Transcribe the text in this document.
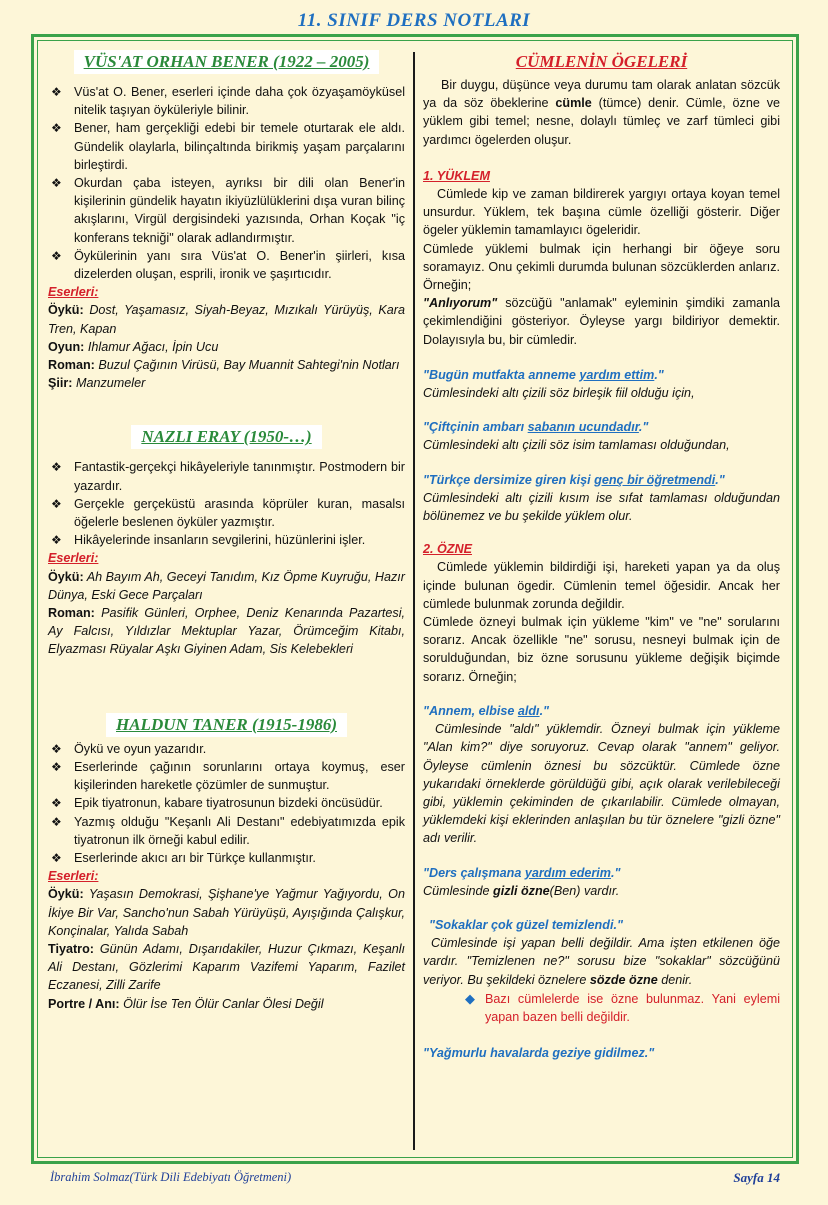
11. SINIF DERS NOTLARI
VÜS'AT ORHAN BENER (1922 – 2005)
❖ Vüs'at O. Bener, eserleri içinde daha çok özyaşamöyküsel nitelik taşıyan öyküleriyle bilinir.
❖ Bener, ham gerçekliği edebi bir temele oturtarak ele aldı. Gündelik olaylarla, bilinçaltında birikmiş yaşam parçalarını birleştirdi.
❖ Okurdan çaba isteyen, ayrıksı bir dili olan Bener'in kişilerinin gündelik hayatın ikiyüzlülüklerini dışa vuran bilinç akışlarını, Virgül dergisindeki yazısında, Orhan Koçak "iç konferans tekniği" olarak adlandırmıştır.
❖ Öykülerinin yanı sıra Vüs'at O. Bener'in şiirleri, kısa dizelerden oluşan, esprili, ironik ve şaşırtıcıdır.
Eserleri:
Öykü: Dost, Yaşamasız, Siyah-Beyaz, Mızıkalı Yürüyüş, Kara Tren, Kapan
Oyun: Ihlamur Ağacı, İpin Ucu
Roman: Buzul Çağının Virüsü, Bay Muannit Sahtegi'nin Notları
Şiir: Manzumeler
NAZLI ERAY (1950-…)
❖ Fantastik-gerçekçi hikâyeleriyle tanınmıştır. Postmodern bir yazardır.
❖ Gerçekle gerçeküstü arasında köprüler kuran, masalsı öğelerle beslenen öyküler yazmıştır.
❖ Hikâyelerinde insanların sevgilerini, hüzünlerini işler.
Eserleri:
Öykü: Ah Bayım Ah, Geceyi Tanıdım, Kız Öpme Kuyruğu, Hazır Dünya, Eski Gece Parçaları
Roman: Pasifik Günleri, Orphee, Deniz Kenarında Pazartesi, Ay Falcısı, Yıldızlar Mektuplar Yazar, Örümceğim Kitabı, Elyazması Rüyalar Aşkı Giyinen Adam, Sis Kelebekleri
HALDUN TANER (1915-1986)
❖ Öykü ve oyun yazarıdır.
❖ Eserlerinde çağının sorunlarını ortaya koymuş, eser kişilerinden hareketle çözümler de sunmuştur.
❖ Epik tiyatronun, kabare tiyatrosunun bizdeki öncüsüdür.
❖ Yazmış olduğu "Keşanlı Ali Destanı" edebiyatımızda epik tiyatronun ilk örneği kabul edilir.
❖ Eserlerinde akıcı arı bir Türkçe kullanmıştır.
Eserleri:
Öykü: Yaşasın Demokrasi, Şişhane'ye Yağmur Yağıyordu, On İkiye Bir Var, Sancho'nun Sabah Yürüyüşü, Ayışığında Çalışkur, Konçinalar, Yalıda Sabah
Tiyatro: Günün Adamı, Dışarıdakiler, Huzur Çıkmazı, Keşanlı Ali Destanı, Gözlerimi Kaparım Vazifemi Yaparım, Fazilet Eczanesi, Zilli Zarife
Portre / Anı: Ölür İse Ten Ölür Canlar Ölesi Değil
CÜMLENİN ÖGELERİ

Bir duygu, düşünce veya durumu tam olarak anlatan sözcük ya da söz öbeklerine cümle (tümce) denir. Cümle, özne ve yüklem gibi temel; nesne, dolaylı tümleç ve zarf tümleci gibi yardımcı ögelerden oluşur.

1. YÜKLEM

Cümlede kip ve zaman bildirerek yargıyı ortaya koyan temel unsurdur. Yüklem, tek başına cümle özelliği gösterir. Diğer ögeler yüklemin tamamlayıcı ögeleridir.

Cümlede yüklemi bulmak için herhangi bir öğeye soru soramayız. Onu çekimli durumda bulunan sözcüklerden anlarız. Örneğin;

"Anlıyorum" sözcüğü "anlamak" eyleminin şimdiki zamanla çekimlendiğini gösteriyor. Öyleyse yargı bildiriyor demektir. Dolayısıyla bu, bir cümledir.

"Bugün mutfakta anneme yardım ettim."

Cümlesindeki altı çizili söz birleşik fiil olduğu için,

"Çiftçinin ambarı sabanın ucundadır."

Cümlesindeki altı çizili söz isim tamlaması olduğundan,

"Türkçe dersimize giren kişi genç bir öğretmendi."

Cümlesindeki altı çizili kısım ise sıfat tamlaması olduğundan bölünemez ve bu şekilde yüklem olur.

2. ÖZNE

Cümlede yüklemin bildirdiği işi, hareketi yapan ya da oluş içinde bulunan ögedir. Cümlenin temel öğesidir. Ancak her cümlede bulunmak zorunda değildir.

Cümlede özneyi bulmak için yükleme "kim" ve "ne" sorularını sorarız. Ancak özellikle "ne" sorusu, nesneyi bulmak için de sorulduğundan, biz özne sorusunu yükleme değişik biçimde sorarız. Örneğin;

"Annem, elbise aldı."

Cümlesinde "aldı" yüklemdir. Özneyi bulmak için yükleme "Alan kim?" diye soruyoruz. Cevap olarak "annem" geliyor. Öyleyse cümlenin öznesi bu sözcüktür. Cümlede özne yukarıdaki örneklerde görüldüğü gibi, açık olarak verilebileceği gibi, yüklemin çekiminden de çıkarılabilir. Cümlede olmayan, yüklemdeki kişi eklerinden anlaşılan bu tür öznelere "gizli özne" adı verilir.

"Ders çalışmana yardım ederim."

Cümlesinde gizli özne(Ben) vardır.

"Sokaklar çok güzel temizlendi."

Cümlesinde işi yapan belli değildir. Ama işten etkilenen öğe vardır. "Temizlenen ne?" sorusu bize "sokaklar" sözcüğünü veriyor. Bu şekildeki öznelere sözde özne denir.

◆ Bazı cümlelerde ise özne bulunmaz. Yani eylemi yapan bazen belli değildir.

"Yağmurlu havalarda geziye gidilmez."

İbrahim Solmaz(Türk Dili Edebiyatı Öğretmeni)	Sayfa 14
